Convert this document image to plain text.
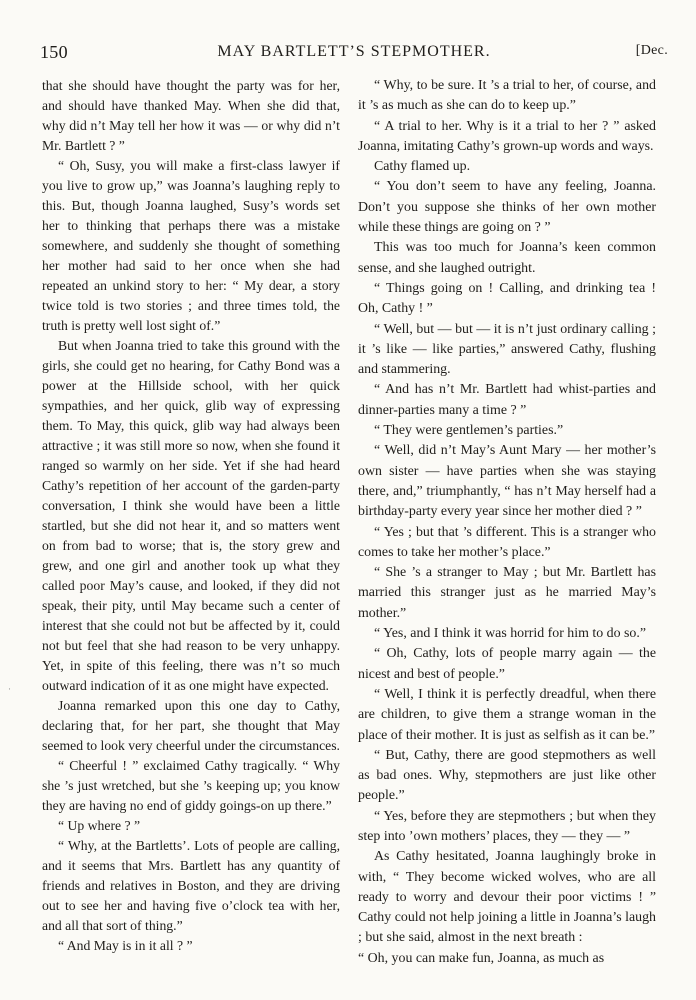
150	MAY BARTLETT’S STEPMOTHER.	[Dec.

that she should have thought the party was for her, and should have thanked May. When she did that, why did n’t May tell her how it was — or why did n’t Mr. Bartlett ? ”

“ Oh, Susy, you will make a first-class lawyer if you live to grow up,” was Joanna’s laughing reply to this. But, though Joanna laughed, Susy’s words set her to thinking that perhaps there was a mistake somewhere, and suddenly she thought of something her mother had said to her once when she had repeated an unkind story to her: “ My dear, a story twice told is two stories ; and three times told, the truth is pretty well lost sight of.”

But when Joanna tried to take this ground with the girls, she could get no hearing, for Cathy Bond was a power at the Hillside school, with her quick sympathies, and her quick, glib way of expressing them. To May, this quick, glib way had always been attractive ; it was still more so now, when she found it ranged so warmly on her side. Yet if she had heard Cathy’s repetition of her account of the garden-party conversation, I think she would have been a little startled, but she did not hear it, and so matters went on from bad to worse; that is, the story grew and grew, and one girl and another took up what they called poor May’s cause, and looked, if they did not speak, their pity, until May became such a center of interest that she could not but be affected by it, could not but feel that she had reason to be very unhappy. Yet, in spite of this feeling, there was n’t so much outward indication of it as one might have expected.

Joanna remarked upon this one day to Cathy, declaring that, for her part, she thought that May seemed to look very cheerful under the circumstances.

“ Cheerful ! ” exclaimed Cathy tragically. “ Why she ’s just wretched, but she ’s keeping up; you know they are having no end of giddy goings-on up there.”

“ Up where ? ”

“ Why, at the Bartletts’. Lots of people are calling, and it seems that Mrs. Bartlett has any quantity of friends and relatives in Boston, and they are driving out to see her and having five o’clock tea with her, and all that sort of thing.”

“ And May is in it all ? ”

“ Why, to be sure. It ’s a trial to her, of course, and it ’s as much as she can do to keep up.”

“ A trial to her. Why is it a trial to her ? ” asked Joanna, imitating Cathy’s grown-up words and ways.

Cathy flamed up.

“ You don’t seem to have any feeling, Joanna. Don’t you suppose she thinks of her own mother while these things are going on ? ”

This was too much for Joanna’s keen common sense, and she laughed outright.

“ Things going on ! Calling, and drinking tea ! Oh, Cathy ! ”

“ Well, but — but — it is n’t just ordinary calling ; it ’s like — like parties,” answered Cathy, flushing and stammering.

“ And has n’t Mr. Bartlett had whist-parties and dinner-parties many a time ? ”

“ They were gentlemen’s parties.”

“ Well, did n’t May’s Aunt Mary — her mother’s own sister — have parties when she was staying there, and,” triumphantly, “ has n’t May herself had a birthday-party every year since her mother died ? ”

“ Yes ; but that ’s different. This is a stranger who comes to take her mother’s place.”

“ She ’s a stranger to May ; but Mr. Bartlett has married this stranger just as he married May’s mother.”

“ Yes, and I think it was horrid for him to do so.”

“ Oh, Cathy, lots of people marry again — the nicest and best of people.”

“ Well, I think it is perfectly dreadful, when there are children, to give them a strange woman in the place of their mother. It is just as selfish as it can be.”

“ But, Cathy, there are good stepmothers as well as bad ones. Why, stepmothers are just like other people.”

“ Yes, before they are stepmothers ; but when they step into ’own mothers’ places, they — they — ”

As Cathy hesitated, Joanna laughingly broke in with, “ They become wicked wolves, who are all ready to worry and devour their poor victims ! ” Cathy could not help joining a little in Joanna’s laugh ; but she said, almost in the next breath :

“ Oh, you can make fun, Joanna, as much as

·
